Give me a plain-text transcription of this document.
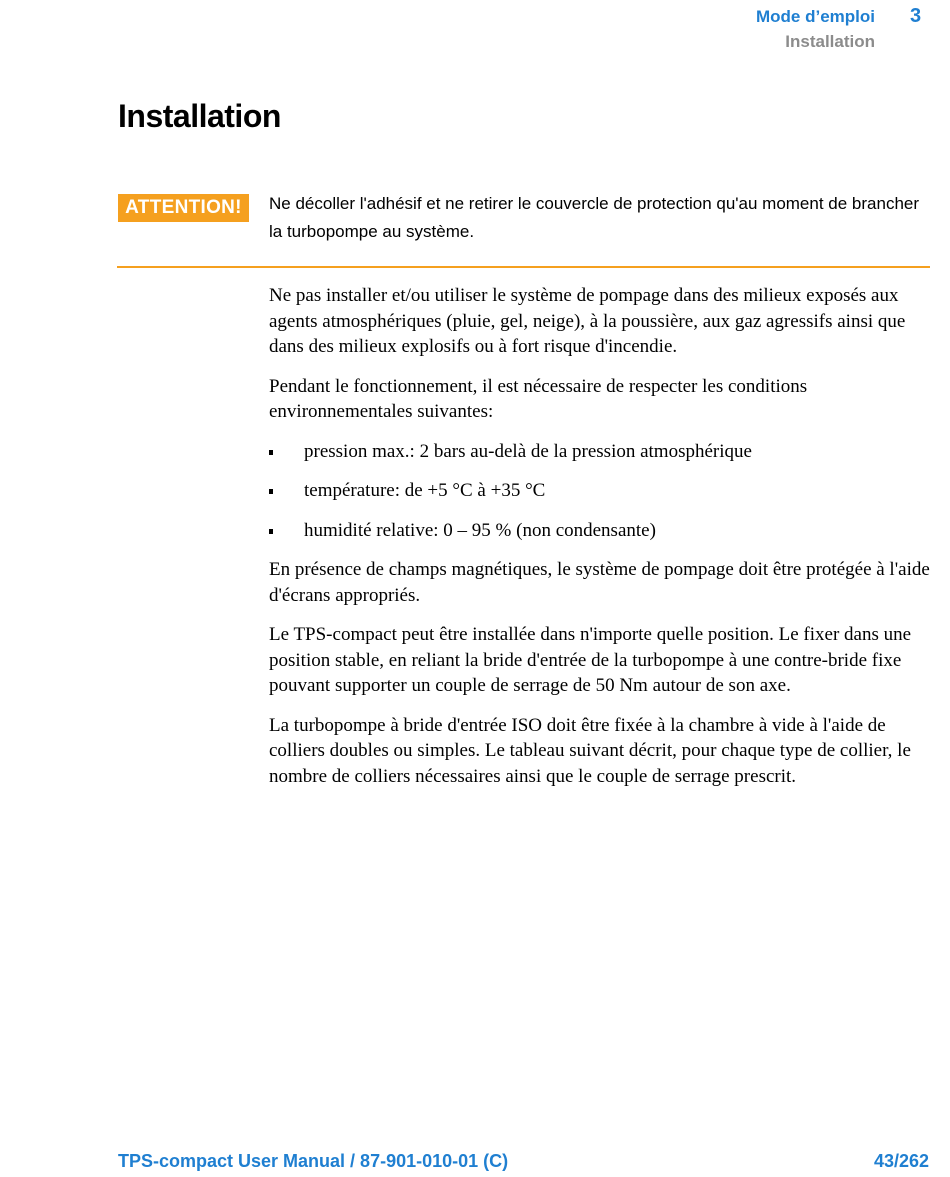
Mode d’emploi 3
Installation
Installation
ATTENTION!	Ne décoller l'adhésif et ne retirer le couvercle de protection qu'au moment de brancher la turbopompe au système.

Ne pas installer et/ou utiliser le système de pompage dans des milieux exposés aux agents atmosphériques (pluie, gel, neige), à la poussière, aux gaz agressifs ainsi que dans des milieux explosifs ou à fort risque d'incendie.

Pendant le fonctionnement, il est nécessaire de respecter les conditions environnementales suivantes:

pression max.: 2 bars au-delà de la pression atmosphérique
température: de +5 °C à +35 °C
humidité relative: 0 – 95 % (non condensante)

En présence de champs magnétiques, le système de pompage doit être protégée à l'aide d'écrans appropriés.

Le TPS-compact peut être installée dans n'importe quelle position. Le fixer dans une position stable, en reliant la bride d'entrée de la turbopompe à une contre-bride fixe pouvant supporter un couple de serrage de 50 Nm autour de son axe.

La turbopompe à bride d'entrée ISO doit être fixée à la chambre à vide à l'aide de colliers doubles ou simples. Le tableau suivant décrit, pour chaque type de collier, le nombre de colliers nécessaires ainsi que le couple de serrage prescrit.

TPS-compact User Manual / 87-901-010-01 (C)	43/262
